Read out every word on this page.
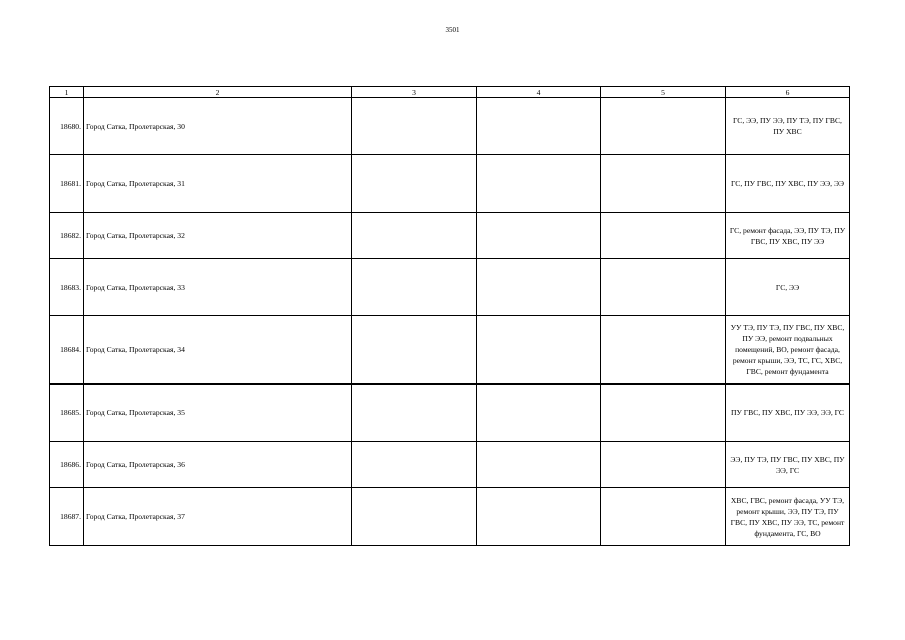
3501
1	2	3	4	5	6
18680.	Город Сатка, Пролетарская, 30				ГС, ЭЭ, ПУ ЭЭ, ПУ ТЭ, ПУ ГВС, ПУ ХВС
18681.	Город Сатка, Пролетарская, 31				ГС, ПУ ГВС, ПУ ХВС, ПУ ЭЭ, ЭЭ
18682.	Город Сатка, Пролетарская, 32				ГС, ремонт фасада, ЭЭ, ПУ ТЭ, ПУ ГВС, ПУ ХВС, ПУ ЭЭ
18683.	Город Сатка, Пролетарская, 33				ГС, ЭЭ
18684.	Город Сатка, Пролетарская, 34				УУ ТЭ, ПУ ТЭ, ПУ ГВС, ПУ ХВС, ПУ ЭЭ, ремонт подвальных помещений, ВО, ремонт фасада, ремонт крыши, ЭЭ, ТС, ГС, ХВС, ГВС, ремонт фундамента
18685.	Город Сатка, Пролетарская, 35				ПУ ГВС, ПУ ХВС, ПУ ЭЭ, ЭЭ, ГС
18686.	Город Сатка, Пролетарская, 36				ЭЭ, ПУ ТЭ, ПУ ГВС, ПУ ХВС, ПУ ЭЭ, ГС
18687.	Город Сатка, Пролетарская, 37				ХВС, ГВС, ремонт фасада, УУ ТЭ, ремонт крыши, ЭЭ, ПУ ТЭ, ПУ ГВС, ПУ ХВС, ПУ ЭЭ, ТС, ремонт фундамента, ГС, ВО
